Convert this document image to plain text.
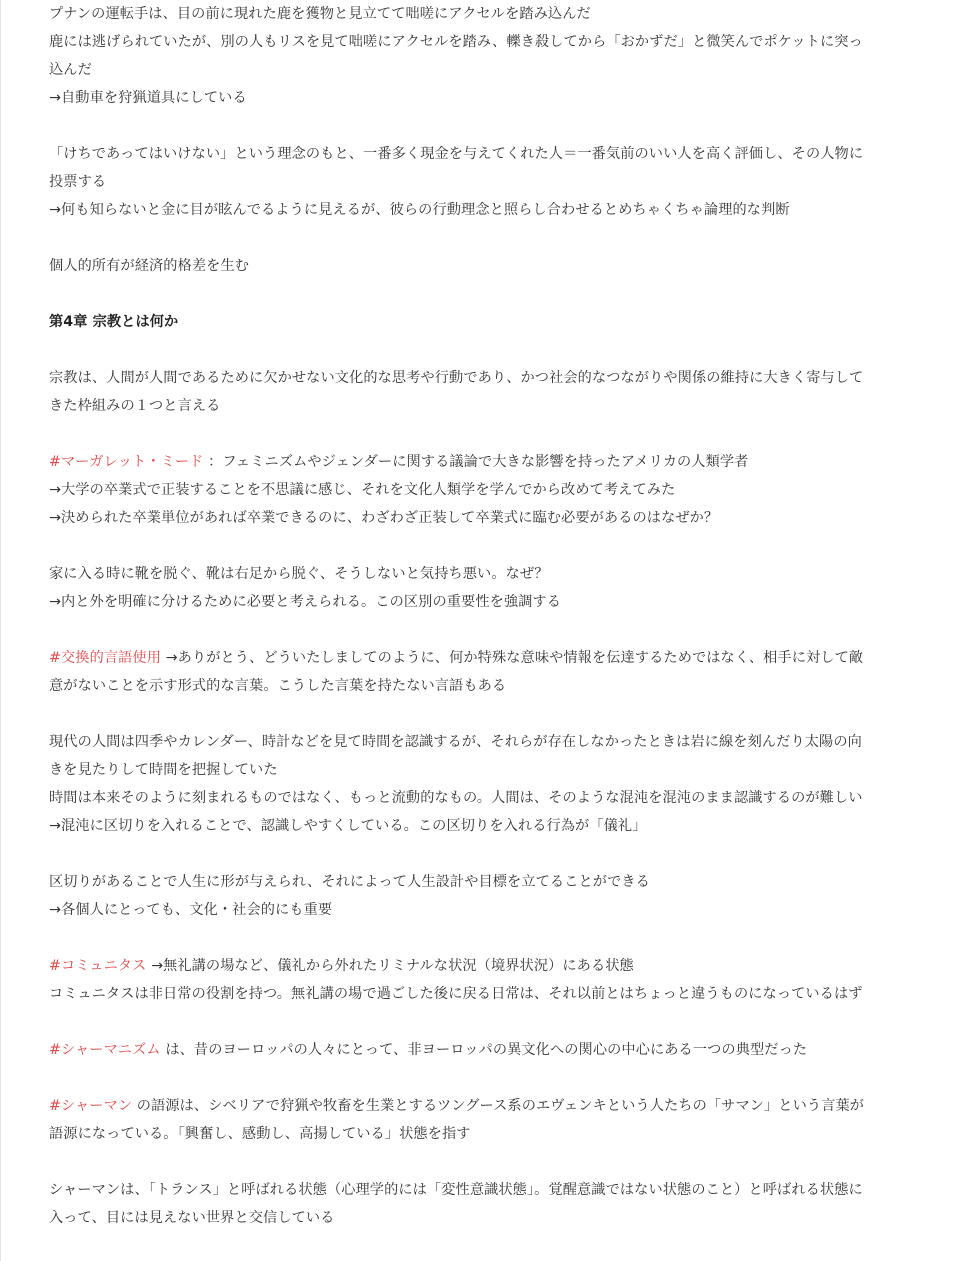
プナンの運転手は、目の前に現れた鹿を獲物と見立てて咄嗟にアクセルを踏み込んだ

鹿には逃げられていたが、別の人もリスを見て咄嗟にアクセルを踏み、轢き殺してから「おかずだ」と微笑んでポケットに突っ

込んだ

→自動車を狩猟道具にしている

「けちであってはいけない」という理念のもと、一番多く現金を与えてくれた人＝一番気前のいい人を高く評価し、その人物に

投票する

→何も知らないと金に目が眩んでるように見えるが、彼らの行動理念と照らし合わせるとめちゃくちゃ論理的な判断

個人的所有が経済的格差を生む

第4章 宗教とは何か

宗教は、人間が人間であるために欠かせない文化的な思考や行動であり、かつ社会的なつながりや関係の維持に大きく寄与して

きた枠組みの１つと言える

#マーガレット・ミード ：フェミニズムやジェンダーに関する議論で大きな影響を持ったアメリカの人類学者

→大学の卒業式で正装することを不思議に感じ、それを文化人類学を学んでから改めて考えてみた

→決められた卒業単位があれば卒業できるのに、わざわざ正装して卒業式に臨む必要があるのはなぜか？

家に入る時に靴を脱ぐ、靴は右足から脱ぐ、そうしないと気持ち悪い。なぜ？

→内と外を明確に分けるために必要と考えられる。この区別の重要性を強調する

#交換的言語使用 →ありがとう、どういたしましてのように、何か特殊な意味や情報を伝達するためではなく、相手に対して敵

意がないことを示す形式的な言葉。こうした言葉を持たない言語もある

現代の人間は四季やカレンダー、時計などを見て時間を認識するが、それらが存在しなかったときは岩に線を刻んだり太陽の向

きを見たりして時間を把握していた

時間は本来そのように刻まれるものではなく、もっと流動的なもの。人間は、そのような混沌を混沌のまま認識するのが難しい

→混沌に区切りを入れることで、認識しやすくしている。この区切りを入れる行為が「儀礼」

区切りがあることで人生に形が与えられ、それによって人生設計や目標を立てることができる

→各個人にとっても、文化・社会的にも重要

#コミュニタス →無礼講の場など、儀礼から外れたリミナルな状況（境界状況）にある状態

コミュニタスは非日常の役割を持つ。無礼講の場で過ごした後に戻る日常は、それ以前とはちょっと違うものになっているはず

#シャーマニズム は、昔のヨーロッパの人々にとって、非ヨーロッパの異文化への関心の中心にある一つの典型だった

#シャーマン の語源は、シベリアで狩猟や牧畜を生業とするツングース系のエヴェンキという人たちの「サマン」という言葉が

語源になっている。「興奮し、感動し、高揚している」状態を指す

シャーマンは、「トランス」と呼ばれる状態（心理学的には「変性意識状態」。覚醒意識ではない状態のこと）と呼ばれる状態に

入って、目には見えない世界と交信している
